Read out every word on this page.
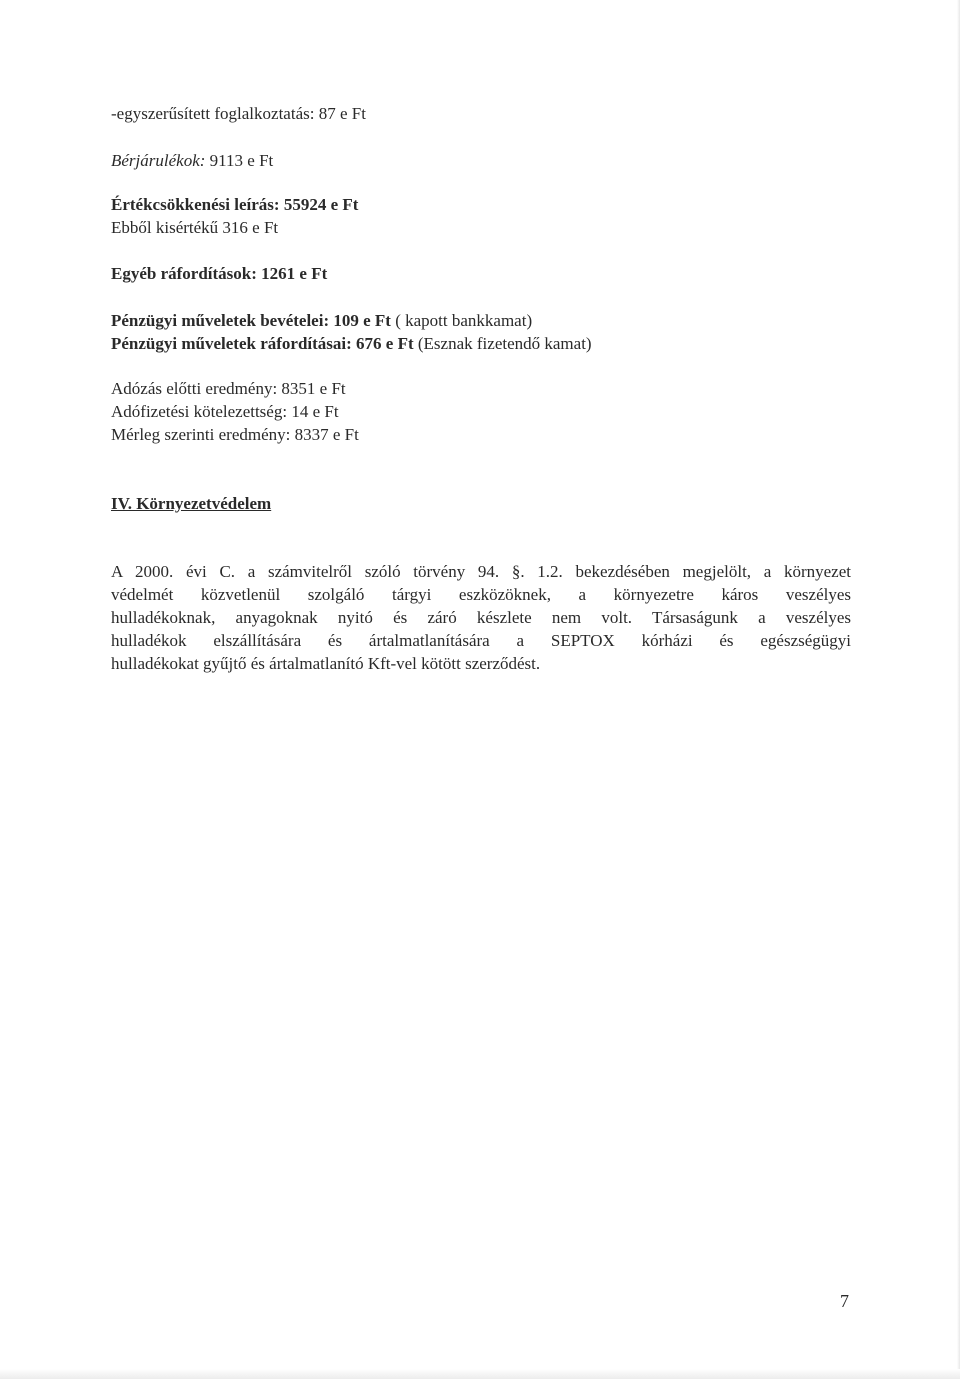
-egyszerűsített foglalkoztatás: 87 e Ft
Bérjárulékok: 9113 e Ft
Értékcsökkenési leírás: 55924 e Ft
Ebből kisértékű 316 e Ft
Egyéb ráfordítások: 1261 e Ft
Pénzügyi műveletek bevételei: 109 e Ft ( kapott bankkamat)
Pénzügyi műveletek ráfordításai: 676 e Ft (Esznak fizetendő kamat)
Adózás előtti eredmény: 8351 e Ft
Adófizetési kötelezettség: 14 e Ft
Mérleg szerinti eredmény: 8337 e Ft
IV. Környezetvédelem
A 2000. évi C. a számvitelről szóló törvény 94. §. 1.2. bekezdésében megjelölt, a környezet
védelmét közvetlenül szolgáló tárgyi eszközöknek, a környezetre káros veszélyes
hulladékoknak, anyagoknak nyitó és záró készlete nem volt. Társaságunk a veszélyes
hulladékok elszállítására és ártalmatlanítására a SEPTOX kórházi és egészségügyi
hulladékokat gyűjtő és ártalmatlanító Kft-vel kötött szerződést.
7
